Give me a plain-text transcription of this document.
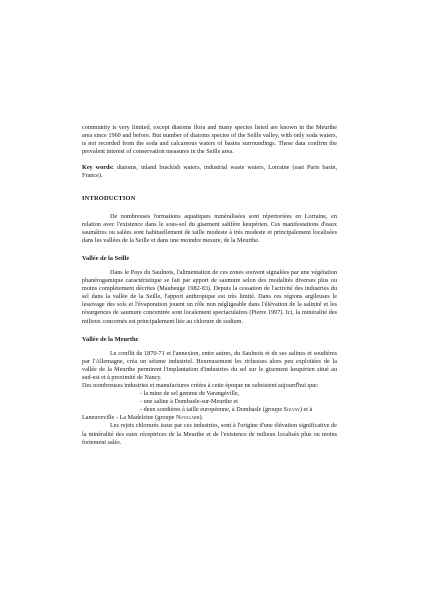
community is very limited, except diatoms flora and many species listed are known in the Meurthe area since 1960 and before. But number of diatoms species of the Seille valley, with only soda waters, is not recorded from the soda and calcareous waters of basins surroundings. These data confirm the prevalent interest of conservation measures in the Seille area.

Key words: diatoms, inland brackish waters, industrial waste waters, Lorraine (east Paris basin, France).

INTRODUCTION

De nombreuses formations aquatiques minéralisées sont répertoriées en Lorraine, en relation avec l'existence dans le sous-sol du gisement salifère keupérien. Ces manifestations d'eaux saumâtres ou salées sont habituellement de taille modeste à très modeste et principalement localisées dans les vallées de la Seille et dans une moindre mesure, de la Meurthe.

Vallée de la Seille

Dans le Pays du Saulnois, l'alimentation de ces zones souvent signalées par une végétation phanérogamique caractéristique se fait par apport de saumure selon des modalités diverses plus ou moins complètement décrites (Maubeuge 1982-83). Depuis la cessation de l'activité des industries du sel dans la vallée de la Seille, l'apport anthropique est très limité. Dans ces régions argileuses le lessivage des sols et l'évaporation jouent un rôle non négligeable dans l'élévation de la salinité et les résurgences de saumure concentrée sont localement spectaculaires (Pierre 1997). Ici, la minéralité des milieux concernés est principalement liée au chlorure de sodium.

Vallée de la Meurthe

Le conflit de 1870-71 et l'annexion, entre autres, du Saulnois et de ses salines et soudières par l'Allemagne, créa un séisme industriel. Heureusement les richesses alors peu exploitées de la vallée de la Meurthe permirent l'implantation d'industries du sel sur le gisement keupérien situé au sud-est et à proximité de Nancy.

Des nombreuses industries et manufactures créées à cette époque ne subsistent aujourd'hui que:

- la mine de sel gemme de Varangéville,
- une saline à Dombasle-sur-Meurthe et
- deux soudières à taille européenne, à Dombasle (groupe Solvay) et à

Laneuveville - La Madeleine (groupe Novacarb).

Les rejets chlorurés issus par ces industries, sont à l'origine d'une élévation significative de la minéralité des eaux réceptrices de la Meurthe et de l'existence de milieux localisés plus ou moins fortement salés.
